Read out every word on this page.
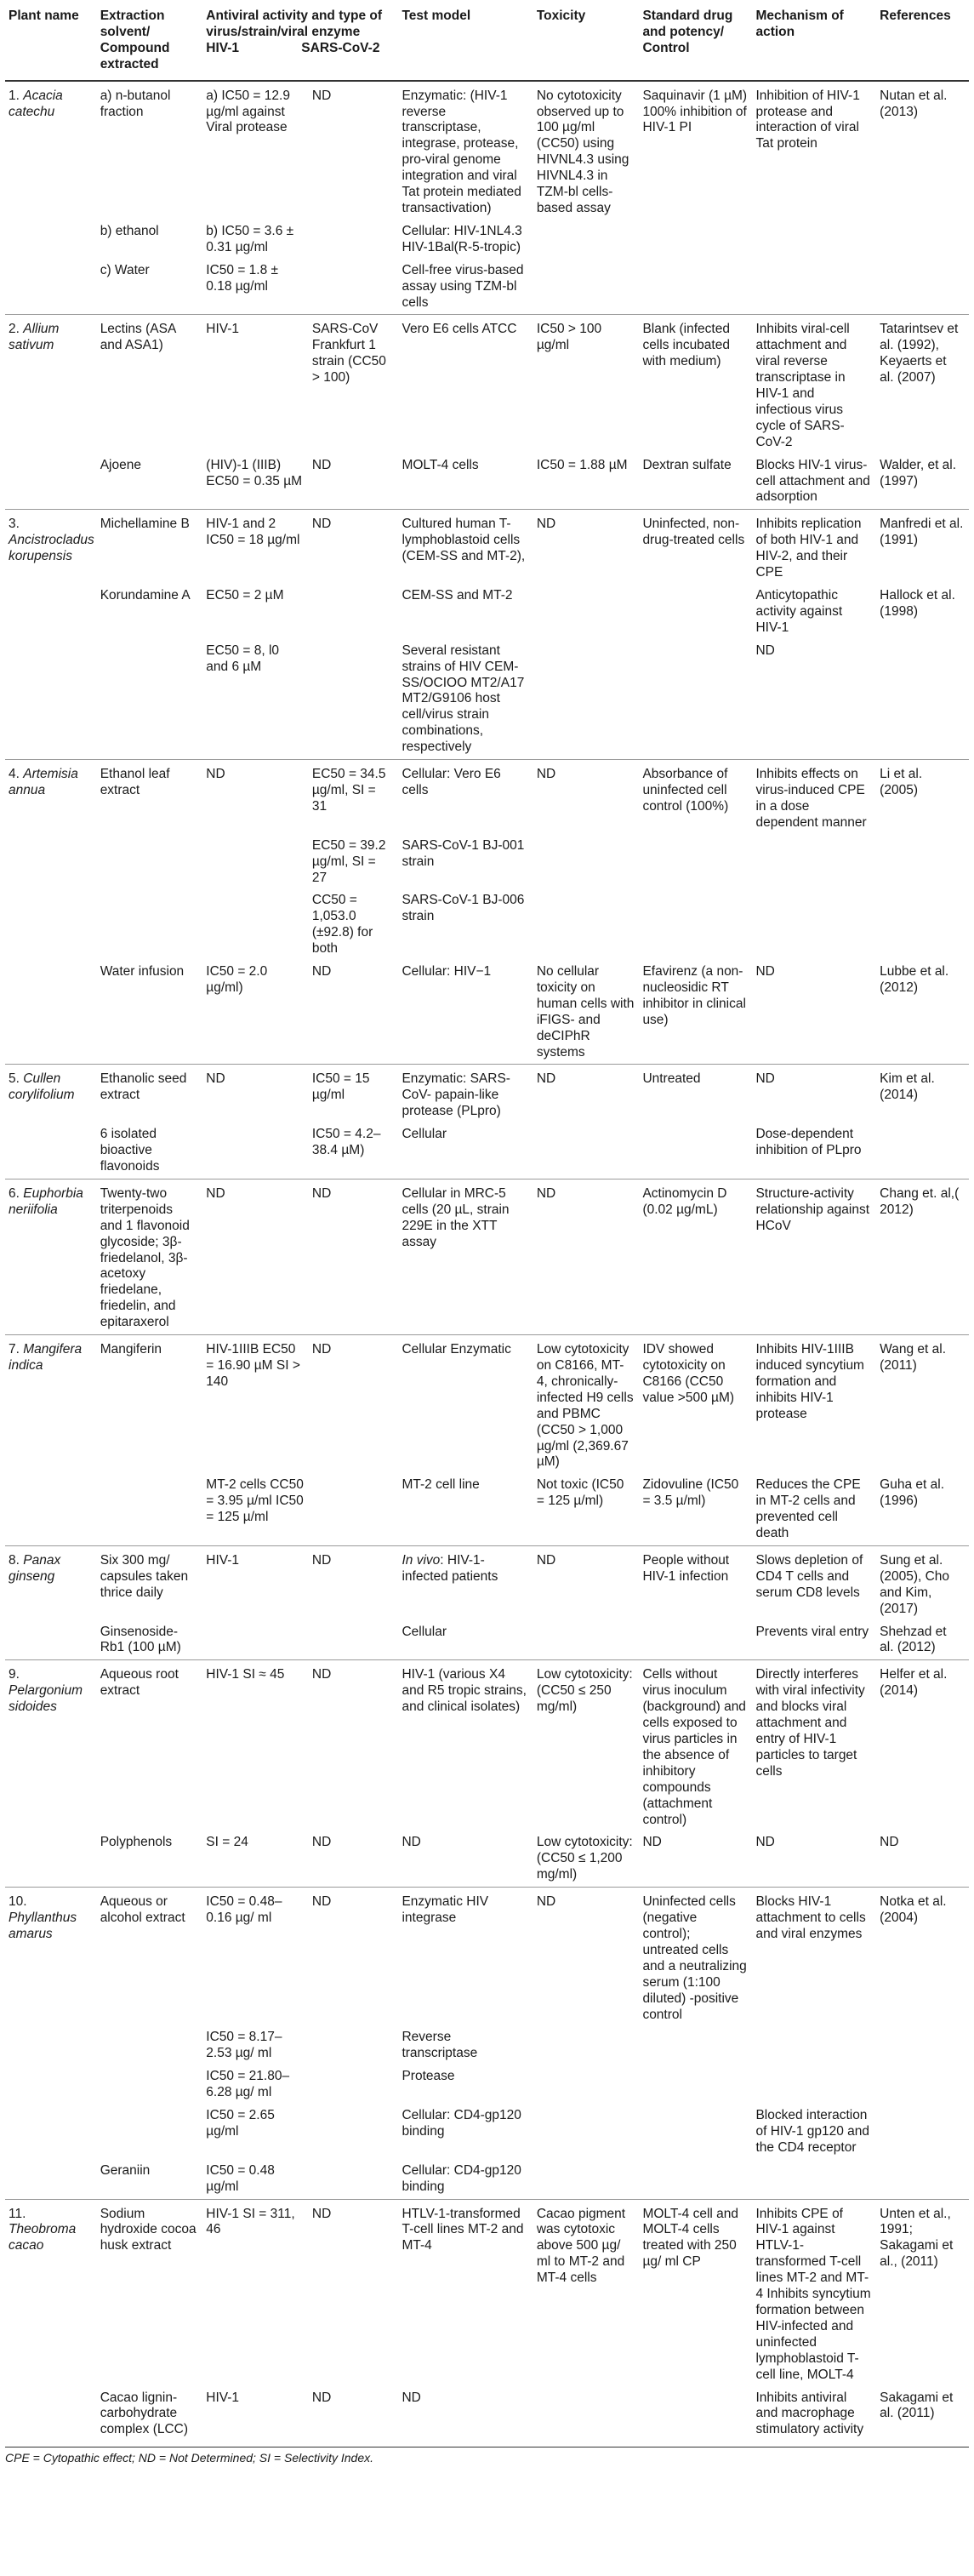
Plant name	Extraction solvent/ Compound extracted	Antiviral activity and type of virus/strain/viral enzyme
HIV-1 SARS-CoV-2		Test model	Toxicity	Standard drug and potency/ Control	Mechanism of action	References
1. Acacia catechu	a) n-butanol fraction	a) IC50 = 12.9 µg/ml against Viral protease	ND	Enzymatic: (HIV-1 reverse transcriptase, integrase, protease, pro-viral genome integration and viral Tat protein mediated transactivation)	No cytotoxicity observed up to 100 µg/ml (CC50) using HIVNL4.3 using HIVNL4.3 in TZM-bl cells-based assay	Saquinavir (1 µM) 100% inhibition of HIV-1 PI	Inhibition of HIV-1 protease and interaction of viral Tat protein	Nutan et al. (2013)
	b) ethanol	b) IC50 = 3.6 ± 0.31 µg/ml		Cellular: HIV-1NL4.3 HIV-1Bal(R-5-tropic)				
	c) Water	IC50 = 1.8 ± 0.18 µg/ml		Cell-free virus-based assay using TZM-bl cells				
2. Allium sativum	Lectins (ASA and ASA1)	HIV-1	SARS-CoV Frankfurt 1 strain (CC50 > 100)	Vero E6 cells ATCC	IC50 > 100 µg/ml	Blank (infected cells incubated with medium)	Inhibits viral-cell attachment and viral reverse transcriptase in HIV-1 and infectious virus cycle of SARS-CoV-2	Tatarintsev et al. (1992), Keyaerts et al. (2007)
	Ajoene	(HIV)-1 (IIIB) EC50 = 0.35 µM	ND	MOLT-4 cells	IC50 = 1.88 µM	Dextran sulfate	Blocks HIV-1 virus-cell attachment and adsorption	Walder, et al. (1997)
3. Ancistrocladus korupensis	Michellamine B	HIV-1 and 2 IC50 = 18 µg/ml	ND	Cultured human T-lymphoblastoid cells (CEM-SS and MT-2),	ND	Uninfected, non-drug-treated cells	Inhibits replication of both HIV-1 and HIV-2, and their CPE	Manfredi et al. (1991)
	Korundamine A	EC50 = 2 µM		CEM-SS and MT-2			Anticytopathic activity against HIV-1	Hallock et al. (1998)
		EC50 = 8, l0 and 6 µM		Several resistant strains of HIV CEM-SS/OCIOO MT2/A17 MT2/G9106 host cell/virus strain combinations, respectively			ND	
4. Artemisia annua	Ethanol leaf extract	ND	EC50 = 34.5 µg/ml, SI = 31	Cellular: Vero E6 cells	ND	Absorbance of uninfected cell control (100%)	Inhibits effects on virus-induced CPE in a dose dependent manner	Li et al. (2005)
			EC50 = 39.2 µg/ml, SI = 27	SARS-CoV-1 BJ-001 strain				
			CC50 = 1,053.0 (±92.8) for both	SARS-CoV-1 BJ-006 strain				
	Water infusion	IC50 = 2.0 µg/ml)	ND	Cellular: HIV−1	No cellular toxicity on human cells with iFIGS- and deCIPhR systems	Efavirenz (a non-nucleosidic RT inhibitor in clinical use)	ND	Lubbe et al. (2012)
5. Cullen corylifolium	Ethanolic seed extract	ND	IC50 = 15 µg/ml	Enzymatic: SARS-CoV- papain-like protease (PLpro)	ND	Untreated	ND	Kim et al. (2014)
	6 isolated bioactive flavonoids		IC50 = 4.2–38.4 µM)	Cellular			Dose-dependent inhibition of PLpro	
6. Euphorbia neriifolia	Twenty-two triterpenoids and 1 flavonoid glycoside; 3β-friedelanol, 3β-acetoxy friedelane, friedelin, and epitaraxerol	ND	ND	Cellular in MRC-5 cells (20 µL, strain 229E in the XTT assay	ND	Actinomycin D (0.02 µg/mL)	Structure-activity relationship against HCoV	Chang et. al,( 2012)
7. Mangifera indica	Mangiferin	HIV-1IIIB EC50 = 16.90 µM SI > 140	ND	Cellular Enzymatic	Low cytotoxicity on C8166, MT-4, chronically-infected H9 cells and PBMC (CC50 > 1,000 µg/ml (2,369.67 µM)	IDV showed cytotoxicity on C8166 (CC50 value >500 µM)	Inhibits HIV-1IIIB induced syncytium formation and inhibits HIV-1 protease	Wang et al. (2011)
		MT-2 cells CC50 = 3.95 µ/ml IC50 = 125 µ/ml		MT-2 cell line	Not toxic (IC50 = 125 µ/ml)	Zidovuline (IC50 = 3.5 µ/ml)	Reduces the CPE in MT-2 cells and prevented cell death	Guha et al. (1996)
8. Panax ginseng	Six 300 mg/ capsules taken thrice daily	HIV-1	ND	In vivo: HIV-1-infected patients	ND	People without HIV-1 infection	Slows depletion of CD4 T cells and serum CD8 levels	Sung et al. (2005), Cho and Kim, (2017)
	Ginsenoside-Rb1 (100 µM)			Cellular			Prevents viral entry	Shehzad et al. (2012)
9. Pelargonium sidoides	Aqueous root extract	HIV-1 SI ≈ 45	ND	HIV-1 (various X4 and R5 tropic strains, and clinical isolates)	Low cytotoxicity: (CC50 ≤ 250 mg/ml)	Cells without virus inoculum (background) and cells exposed to virus particles in the absence of inhibitory compounds (attachment control)	Directly interferes with viral infectivity and blocks viral attachment and entry of HIV-1 particles to target cells	Helfer et al. (2014)
	Polyphenols	SI = 24	ND	ND	Low cytotoxicity: (CC50 ≤ 1,200 mg/ml)	ND	ND	ND
10. Phyllanthus amarus	Aqueous or alcohol extract	IC50 = 0.48–0.16 µg/ ml	ND	Enzymatic HIV integrase	ND	Uninfected cells (negative control); untreated cells and a neutralizing serum (1:100 diluted) -positive control	Blocks HIV-1 attachment to cells and viral enzymes	Notka et al. (2004)
		IC50 = 8.17–2.53 µg/ ml		Reverse transcriptase				
		IC50 = 21.80–6.28 µg/ ml		Protease				
		IC50 = 2.65 µg/ml		Cellular: CD4-gp120 binding			Blocked interaction of HIV-1 gp120 and the CD4 receptor	
	Geraniin	IC50 = 0.48 µg/ml		Cellular: CD4-gp120 binding				
11. Theobroma cacao	Sodium hydroxide cocoa husk extract	HIV-1 SI = 311, 46	ND	HTLV-1-transformed T-cell lines MT-2 and MT-4	Cacao pigment was cytotoxic above 500 µg/ ml to MT-2 and MT-4 cells	MOLT-4 cell and MOLT-4 cells treated with 250 µg/ ml CP	Inhibits CPE of HIV-1 against HTLV-1-transformed T-cell lines MT-2 and MT-4 Inhibits syncytium formation between HIV-infected and uninfected lymphoblastoid T-cell line, MOLT-4	Unten et al., 1991; Sakagami et al., (2011)
	Cacao lignin-carbohydrate complex (LCC)	HIV-1	ND	ND			Inhibits antiviral and macrophage stimulatory activity	Sakagami et al. (2011)
CPE = Cytopathic effect; ND = Not Determined; SI = Selectivity Index.
